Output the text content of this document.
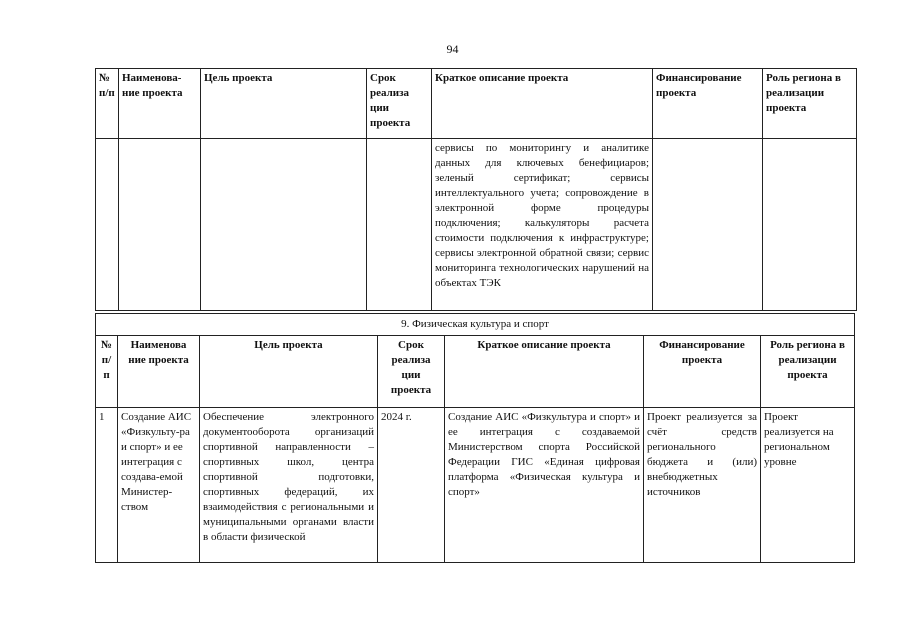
94
№ п/п	Наименова-ние проекта	Цель проекта	Срок реализа ции проекта	Краткое описание проекта	Финансирование проекта	Роль региона в реализации проекта
				сервисы по мониторингу и аналитике данных для ключевых бенефициаров; зеленый сертификат; сервисы интеллектуального учета; сопровождение в электронной форме процедуры подключения; калькуляторы расчета стоимости подключения к инфраструктуре; сервисы электронной обратной связи; сервис мониторинга технологических нарушений на объектах ТЭК		
9. Физическая культура и спорт						
№ п/ п	Наименова ние проекта	Цель проекта	Срок реализа ции проекта	Краткое описание проекта	Финансирование проекта	Роль региона в реализации проекта
1	Создание АИС «Физкульту-ра и спорт» и ее интеграция с создава-емой Министер-ством	Обеспечение электронного документооборота организаций спортивной направленности – спортивных школ, центра спортивной подготовки, спортивных федераций, их взаимодействия с региональными и муниципальными органами власти в области физической	2024 г.	Создание АИС «Физкультура и спорт» и ее интеграция с создаваемой Министерством спорта Российской Федерации ГИС «Единая цифровая платформа «Физическая культура и спорт»	Проект реализуется за счёт средств регионального бюджета и (или) внебюджетных источников	Проект реализуется на региональном уровне
